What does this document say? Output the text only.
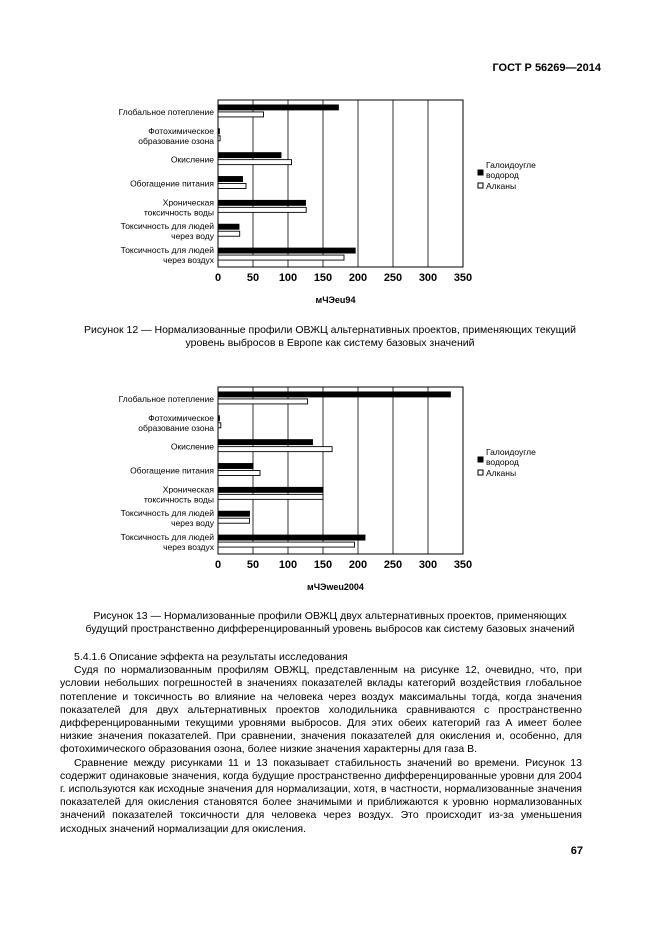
ГОСТ Р 56269—2014
0 50 100 150 200 250 300 350
мЧЭеu94
Глобальное потепление
Фотохимическое
образование озона
Окисление
Обогащение питания
Хроническая
токсичность воды
Токсичность для людей
через воду
Токсичность для людей
через воздух
Галоидоугле
водород
Алканы
Рисунок 12 — Нормализованные профили ОВЖЦ альтернативных проектов, применяющих текущий
уровень выбросов в Европе как систему базовых значений
0 50 100 150 200 250 300 350
мЧЭweu2004
Глобальное потепление
Фотохимическое
образование озона
Окисление
Обогащение питания
Хроническая
токсичность воды
Токсичность для людей
через воду
Токсичность для людей
через воздух
Галоидоугле
водород
Алканы
Рисунок 13 — Нормализованные профили ОВЖЦ двух альтернативных проектов, применяющих
будущий пространственно дифференцированный уровень выбросов как систему базовых значений

5.4.1.6 Описание эффекта на результаты исследования

Судя по нормализованным профилям ОВЖЦ, представленным на рисунке 12, очевидно, что, при условии небольших погрешностей в значениях показателей вклады категорий воздействия глобальное потепление и токсичность во влияние на человека через воздух максимальны тогда, когда значения показателей для двух альтернативных проектов холодильника сравниваются с пространственно дифференцированными текущими уровнями выбросов. Для этих обеих категорий газ А имеет более низкие значения показателей. При сравнении, значения показателей для окисления и, особенно, для фотохимического образования озона, более низкие значения характерны для газа В.

Сравнение между рисунками 11 и 13 показывает стабильность значений во времени. Рисунок 13 содержит одинаковые значения, когда будущие пространственно дифференцированные уровни для 2004 г. используются как исходные значения для нормализации, хотя, в частности, нормализованные значения показателей для окисления становятся более значимыми и приближаются к уровню нормализованных значений показателей токсичности для человека через воздух. Это происходит из-за уменьшения исходных значений нормализации для окисления.

67
